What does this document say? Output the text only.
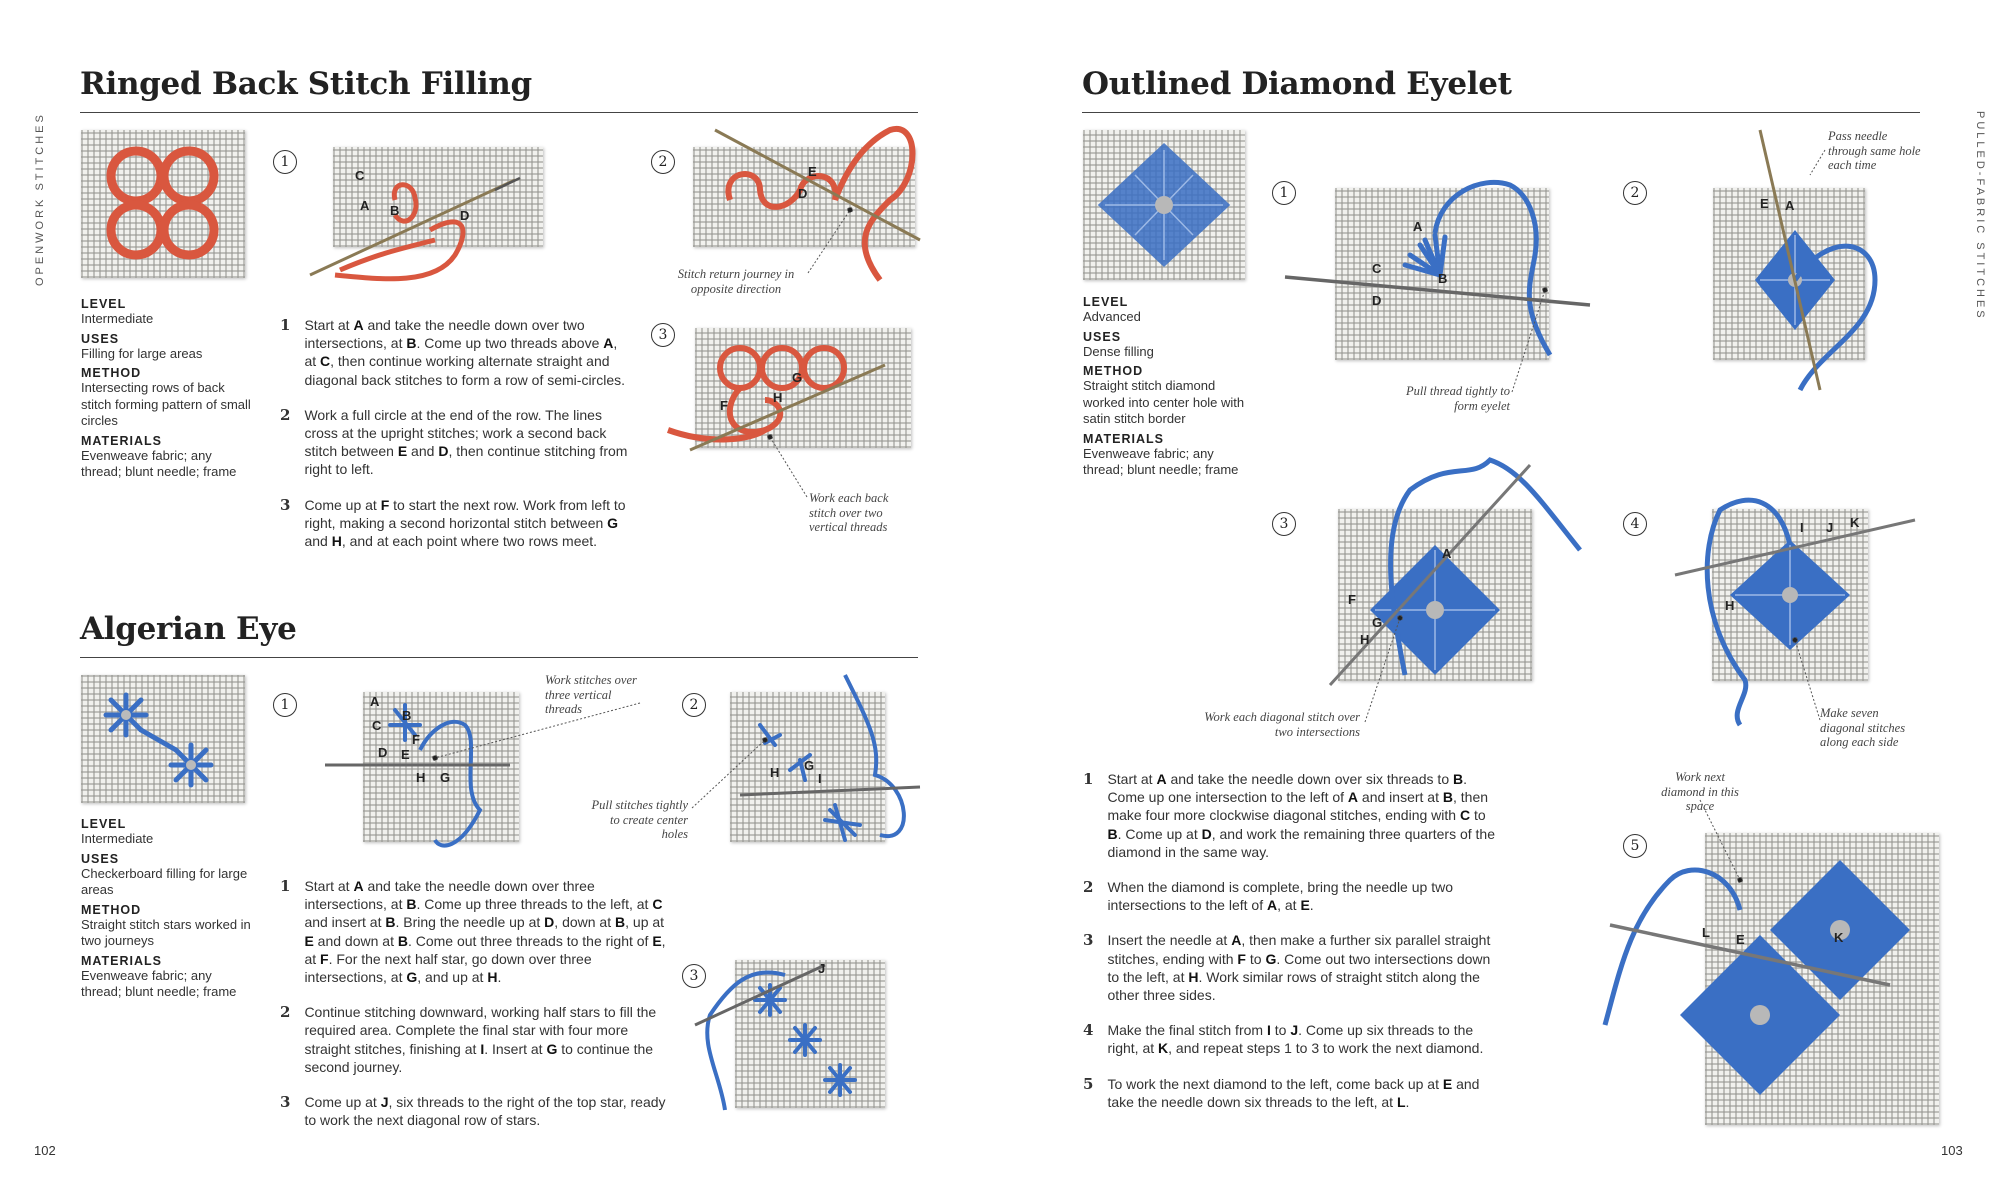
OPENWORK STITCHES
102
Ringed Back Stitch Filling
LEVEL
Intermediate
USES
Filling for large areas
METHOD
Intersecting rows of back stitch forming pattern of small circles
MATERIALS
Evenweave fabric; any thread; blunt needle; frame
1
C
A B	D
2
E
D
Stitch return journey in opposite direction
3
G
F
H
Work each back stitch over two vertical threads
1 Start at A and take the needle down over two intersections, at B. Come up two threads above A, at C, then continue working alternate straight and diagonal back stitches to form a row of semi-circles.
2 Work a full circle at the end of the row. The lines cross at the upright stitches; work a second back stitch between E and D, then continue stitching from right to left.
3 Come up at F to start the next row. Work from left to right, making a second horizontal stitch between G and H, and at each point where two rows meet.
Algerian Eye
LEVEL
Intermediate
USES
Checkerboard filling for large areas
METHOD
Straight stitch stars worked in two journeys
MATERIALS
Evenweave fabric; any thread; blunt needle; frame
1	A
B
C
F
D E
H G
Work stitches over three vertical threads	2
H G
I
Pull stitches tightly to create center holes
3	J
1 Start at A and take the needle down over three intersections, at B. Come up three threads to the left, at C and insert at B. Bring the needle up at D, down at B, up at E and down at B. Come out three threads to the right of E, at F. For the next half star, go down over three intersections, at G, and up at H.
2 Continue stitching downward, working half stars to fill the required area. Complete the final star with four more straight stitches, finishing at I. Insert at G to continue the second journey.
3 Come up at J, six threads to the right of the top star, ready to work the next diagonal row of stars.
PULLED-FABRIC STITCHES
103
Outlined Diamond Eyelet
LEVEL
Advanced
USES
Dense filling
METHOD
Straight stitch diamond worked into center hole with satin stitch border
MATERIALS
Evenweave fabric; any thread; blunt needle; frame
1
A
C
B
D
Pull thread tightly to form eyelet
2
E A
Pass needle through same hole each time
3
A
F
G
H
Work each diagonal stitch over two intersections
4	I J K
H
Make seven diagonal stitches along each side
5
L E	K
Work next diamond in this space
1 Start at A and take the needle down over six threads to B. Come up one intersection to the left of A and insert at B, then make four more clockwise diagonal stitches, ending with C to B. Come up at D, and work the remaining three quarters of the diamond in the same way.
2 When the diamond is complete, bring the needle up two intersections to the left of A, at E.
3 Insert the needle at A, then make a further six parallel straight stitches, ending with F to G. Come out two intersections down to the left, at H. Work similar rows of straight stitch along the other three sides.
4 Make the final stitch from I to J. Come up six threads to the right, at K, and repeat steps 1 to 3 to work the next diamond.
5 To work the next diamond to the left, come back up at E and take the needle down six threads to the left, at L.
